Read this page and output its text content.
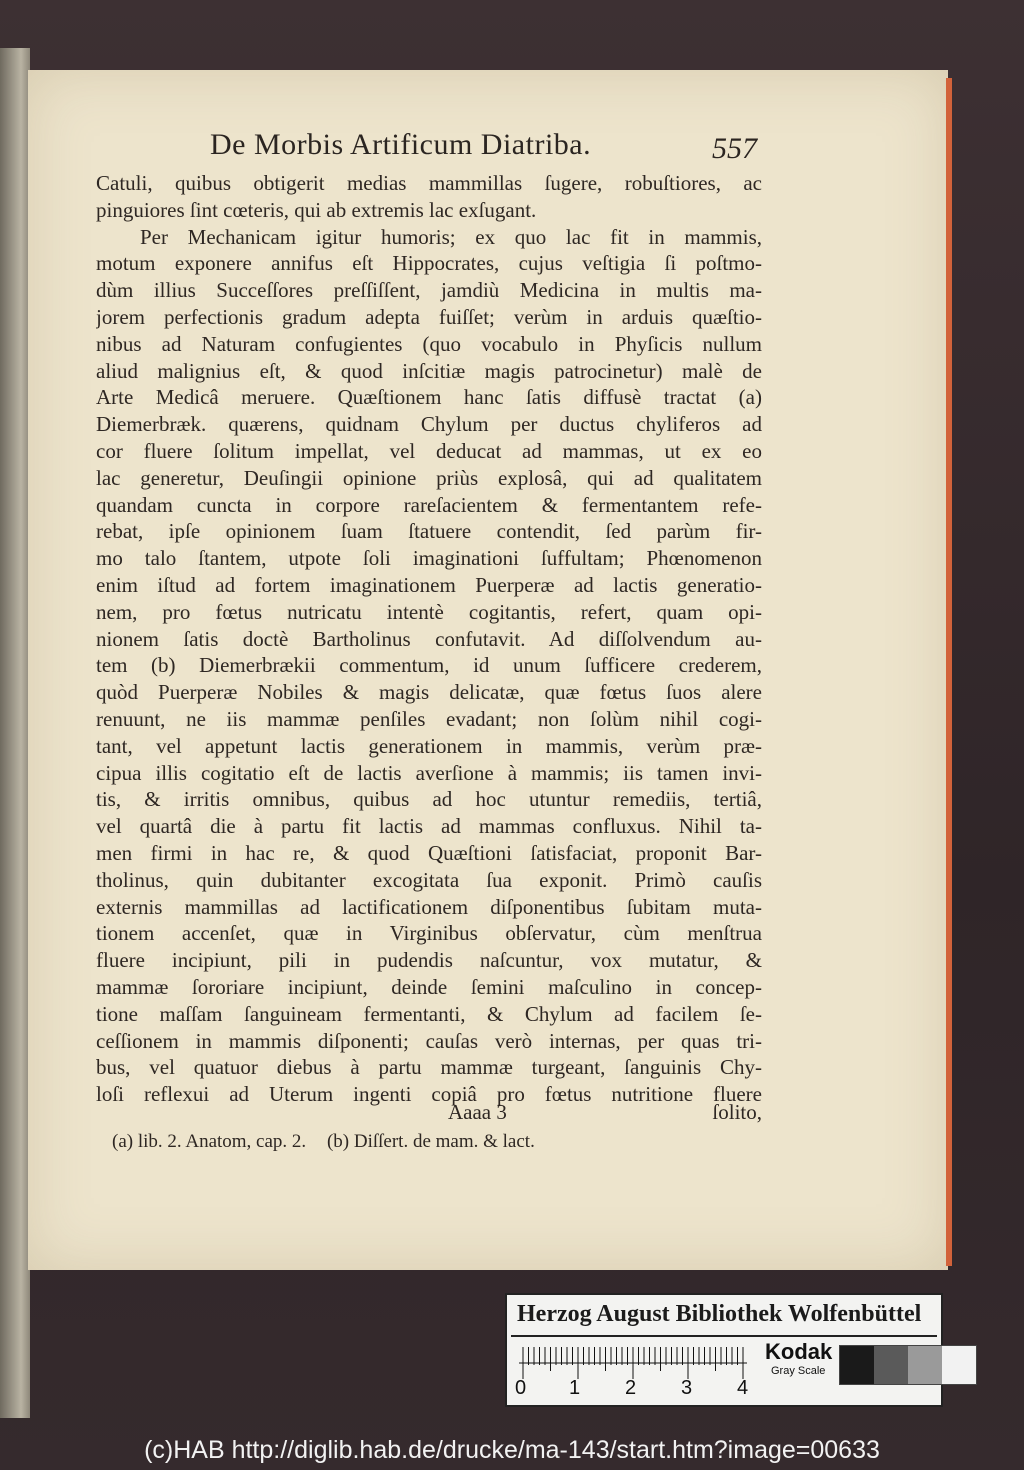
De Morbis Artificum Diatriba.	557
Catuli, quibus obtigerit medias mammillas ſugere, robuſtiores, ac
pinguiores ſint cœteris, qui ab extremis lac exſugant.
Per Mechanicam igitur humoris; ex quo lac fit in mammis,
motum exponere annifus eſt Hippocrates, cujus veſtigia ſi poſtmo-
dùm illius Succeſſores preſſiſſent, jamdiù Medicina in multis ma-
jorem perfectionis gradum adepta fuiſſet; verùm in arduis quæſtio-
nibus ad Naturam confugientes (quo vocabulo in Phyſicis nullum
aliud malignius eſt, & quod inſcitiæ magis patrocinetur) malè de
Arte Medicâ meruere. Quæſtionem hanc ſatis diffusè tractat (a)
Diemerbræk. quærens, quidnam Chylum per ductus chyliferos ad
cor fluere ſolitum impellat, vel deducat ad mammas, ut ex eo
lac generetur, Deuſingii opinione priùs explosâ, qui ad qualitatem
quandam cuncta in corpore rareſacientem & fermentantem refe-
rebat, ipſe opinionem ſuam ſtatuere contendit, ſed parùm fir-
mo talo ſtantem, utpote ſoli imaginationi ſuffultam; Phœnomenon
enim iſtud ad fortem imaginationem Puerperæ ad lactis generatio-
nem, pro fœtus nutricatu intentè cogitantis, refert, quam opi-
nionem ſatis doctè Bartholinus confutavit. Ad diſſolvendum au-
tem (b) Diemerbrækii commentum, id unum ſufficere crederem,
quòd Puerperæ Nobiles & magis delicatæ, quæ fœtus ſuos alere
renuunt, ne iis mammæ penſiles evadant; non ſolùm nihil cogi-
tant, vel appetunt lactis generationem in mammis, verùm præ-
cipua illis cogitatio eſt de lactis averſione à mammis; iis tamen invi-
tis, & irritis omnibus, quibus ad hoc utuntur remediis, tertiâ,
vel quartâ die à partu fit lactis ad mammas confluxus. Nihil ta-
men firmi in hac re, & quod Quæſtioni ſatisfaciat, proponit Bar-
tholinus, quin dubitanter excogitata ſua exponit. Primò cauſis
externis mammillas ad lactificationem diſponentibus ſubitam muta-
tionem accenſet, quæ in Virginibus obſervatur, cùm menſtrua
fluere incipiunt, pili in pudendis naſcuntur, vox mutatur, &
mammæ ſororiare incipiunt, deinde ſemini maſculino in concep-
tione maſſam ſanguineam fermentanti, & Chylum ad facilem ſe-
ceſſionem in mammis diſponenti; cauſas verò internas, per quas tri-
bus, vel quatuor diebus à partu mammæ turgeant, ſanguinis Chy-
loſi reflexui ad Uterum ingenti copiâ pro fœtus nutritione fluere
Aaaa 3	ſolito,
(a) lib. 2. Anatom, cap. 2. (b) Diſſert. de mam. & lact.
Herzog August Bibliothek Wolfenbüttel
0 1 2 3 4
Kodak
Gray Scale
(c)HAB http://diglib.hab.de/drucke/ma-143/start.htm?image=00633
